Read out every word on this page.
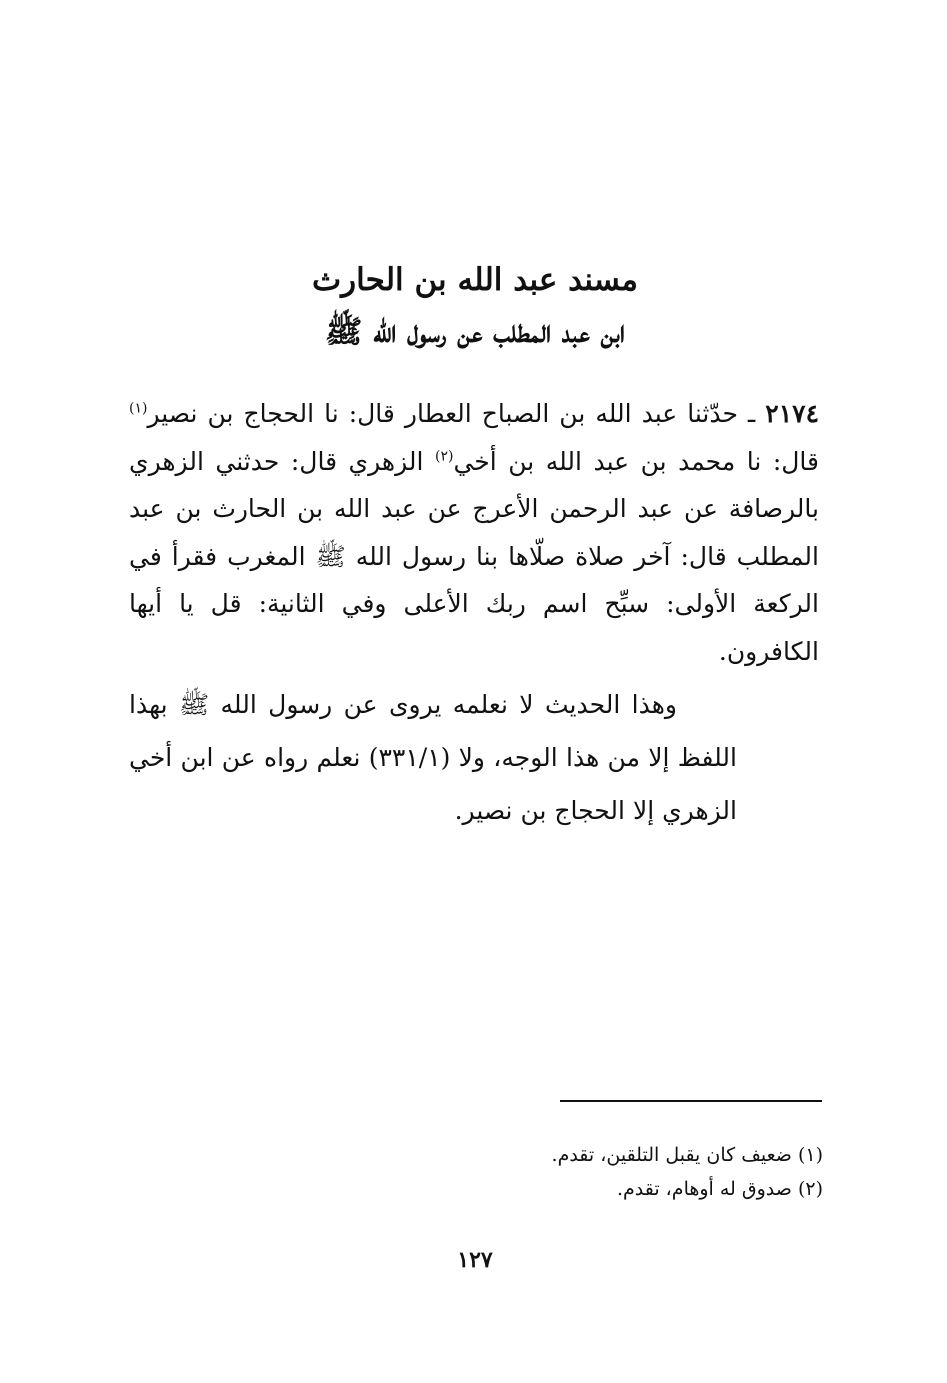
مسند عبد الله بن الحارث
ابن عبد المطلب عن رسول الله ﷺ
٢١٧٤ ـ حدّثنا عبد الله بن الصباح العطار قال: نا الحجاج بن نصير$^{(١)}$ قال: نا محمد بن عبد الله بن أخي$^{(٢)}$ الزهري قال: حدثني الزهري بالرصافة عن عبد الرحمن الأعرج عن عبد الله بن الحارث بن عبد المطلب قال: آخر صلاة صلّاها بنا رسول الله ﷺ المغرب فقرأ في الركعة الأولى: سبِّح اسم ربك الأعلى وفي الثانية: قل يا أيها الكافرون.
وهذا الحديث لا نعلمه يروى عن رسول الله ﷺ بهذا اللفظ إلا من هذا الوجه، ولا (٣٣١/١) نعلم رواه عن ابن أخي الزهري إلا الحجاج بن نصير.
(١) ضعيف كان يقبل التلقين، تقدم.
(٢) صدوق له أوهام، تقدم.
١٢٧
